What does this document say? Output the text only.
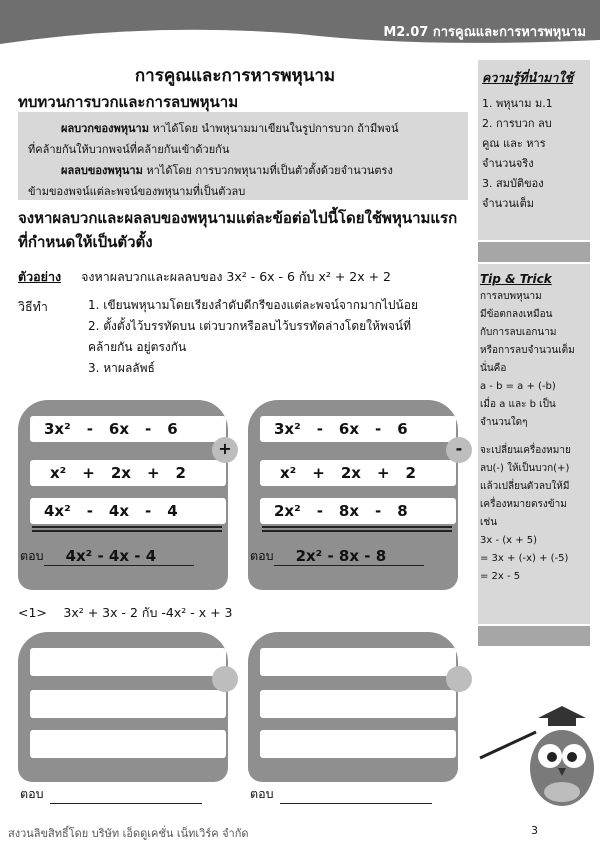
M2.07 การคูณและการหารพหุนาม
การคูณและการหารพหุนาม
ทบทวนการบวกและการลบพหุนาม
   ผลบวกของพหุนาม หาได้โดย นำพหุนามมาเขียนในรูปการบวก ถ้ามีพจน์
ที่คล้ายกันให้บวกพจน์ที่คล้ายกันเข้าด้วยกัน
   ผลลบของพหุนาม หาได้โดย การบวกพหุนามที่เป็นตัวตั้งด้วยจำนวนตรง
ข้ามของพจน์แต่ละพจน์ของพหุนามที่เป็นตัวลบ
จงหาผลบวกและผลลบของพหุนามแต่ละข้อต่อไปนี้โดยใช้พหุนามแรก
ที่กำหนดให้เป็นตัวตั้ง
ตัวอย่าง จงหาผลบวกและผลลบของ 3x² - 6x - 6 กับ x² + 2x + 2
วิธีทำ	1. เขียนพหุนามโดยเรียงลำดับดีกรีของแต่ละพจน์จากมากไปน้อย
2. ตั้งตั้งไว้บรรทัดบน เต่วบวกหรือลบไว้บรรทัดล่างโดยให้พจน์ที่
คล้ายกัน อยู่ตรงกัน
3. หาผลลัพธ์
3x² - 6x - 6
x² + 2x + 2
4x² - 4x - 4
ตอบ	4x² - 4x - 4
+
3x² - 6x - 6
x² + 2x + 2
2x² - 8x - 8
ตอบ	2x² - 8x - 8
-
<1>  3x² + 3x - 2 กับ -4x² - x + 3
ตอบ	ตอบ
ความรู้ที่นำมาใช้
1. พหุนาม ม.1
2. การบวก ลบ
คูณ และ หาร
จำนวนจริง
3. สมบัติของ
จำนวนเต็ม
Tip & Trick
การลบพหุนาม
มีข้อตกลงเหมือน
กับการลบเอกนาม
หรือการลบจำนวนเต็ม
นั่นคือ
a - b = a + (-b)
เมื่อ a และ b เป็น
จำนวนใดๆ
จะเปลี่ยนเครื่องหมาย
ลบ(-) ให้เป็นบวก(+)
แล้วเปลี่ยนตัวลบให้มี
เครื่องหมายตรงข้าม
เช่น
3x - (x + 5)
= 3x + (-x) + (-5)
= 2x - 5
สงวนลิขสิทธิ์โดย บริษัท เอ็ดดูเคชั่น เน็ทเวิร์ค จำกัด	3
